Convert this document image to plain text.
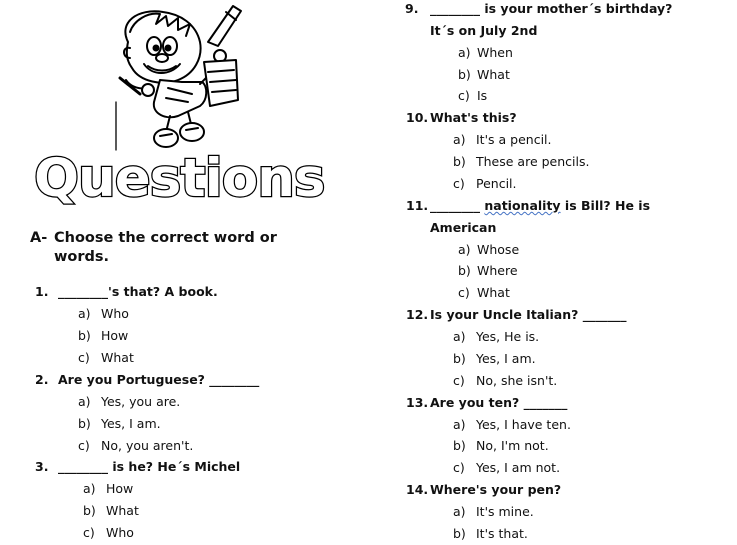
Questions
A- Choose the correct word or
words.
1. ________'s that? A book.
a) Who
b) How
c) What
2. Are you Portuguese? ________
a) Yes, you are.
b) Yes, I am.
c) No, you aren't.
3. ________ is he? He´s Michel
a) How
b) What
c) Who
9. ________ is your mother´s birthday?
It´s on July 2nd
a) When
b) What
c) Is
10. What's this?
a) It's a pencil.
b) These are pencils.
c) Pencil.
11. ________ nationality is Bill? He is
American
a) Whose
b) Where
c) What
12. Is your Uncle Italian? _______
a) Yes, He is.
b) Yes, I am.
c) No, she isn't.
13. Are you ten? _______
a) Yes, I have ten.
b) No, I'm not.
c) Yes, I am not.
14. Where's your pen?
a) It's mine.
b) It's that.
